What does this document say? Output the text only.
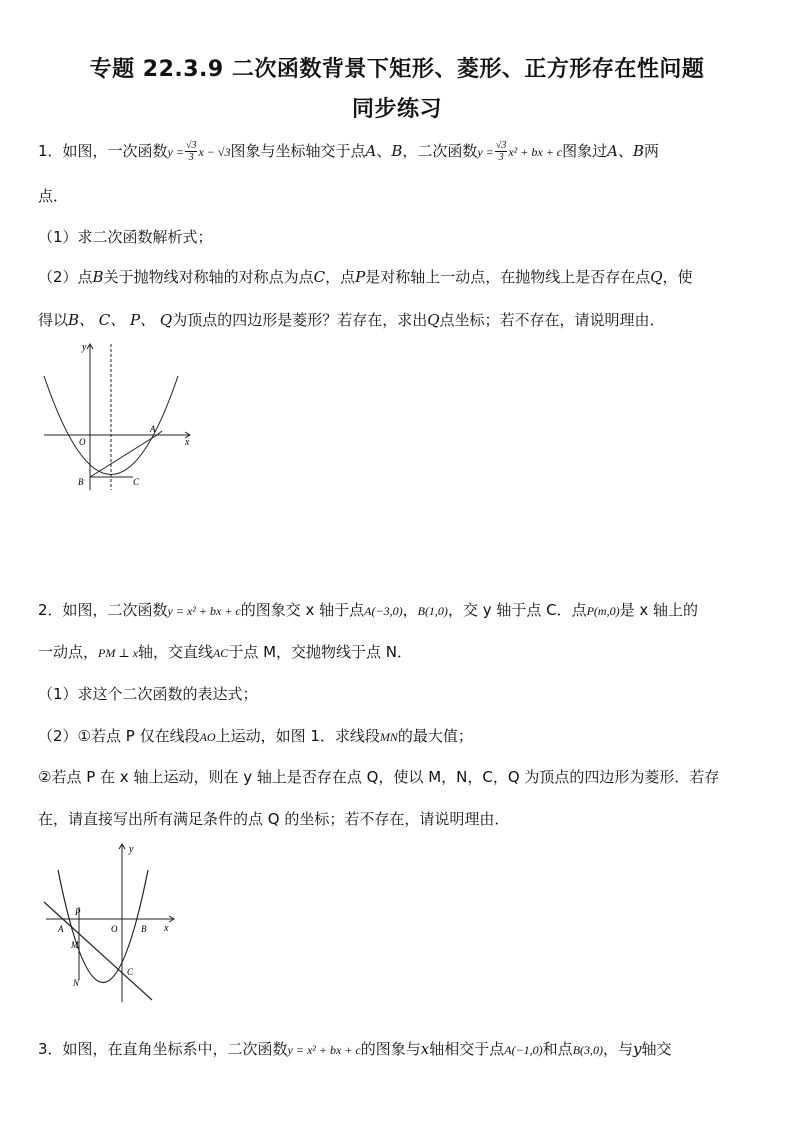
专题 22.3.9 二次函数背景下矩形、菱形、正方形存在性问题
同步练习
1．如图，一次函数$y = \frac{√3}{3}$ x − √3图象与坐标轴交于点A、B，二次函数$y = \frac{√3}{3} x^2$ + bx + c图象过A、B两
点．
（1）求二次函数解析式；
（2）点B关于抛物线对称轴的对称点为点C，点P是对称轴上一动点，在抛物线上是否存在点Q，使
得以B、 C、 P、 Q为顶点的四边形是菱形？若存在，求出Q点坐标；若不存在，请说明理由．
y
x
O
A
B	C
2．如图，二次函数y = x² + bx + c的图象交 x 轴于点A(−3,0)，B(1,0)，交 y 轴于点 C．点P(m,0)是 x 轴上的
一动点，PM ⊥ x轴，交直线AC于点 M，交抛物线于点 N．
（1）求这个二次函数的表达式；
（2）①若点 P 仅在线段AO上运动，如图 1．求线段MN的最大值；
②若点 P 在 x 轴上运动，则在 y 轴上是否存在点 Q，使以 M，N，C，Q 为顶点的四边形为菱形．若存
在，请直接写出所有满足条件的点 Q 的坐标；若不存在，请说明理由．
y
x
P
A	O	B
M
C
N
3．如图，在直角坐标系中，二次函数y = x² + bx + c的图象与x轴相交于点A(−1,0)和点B(3,0)，与y轴交
